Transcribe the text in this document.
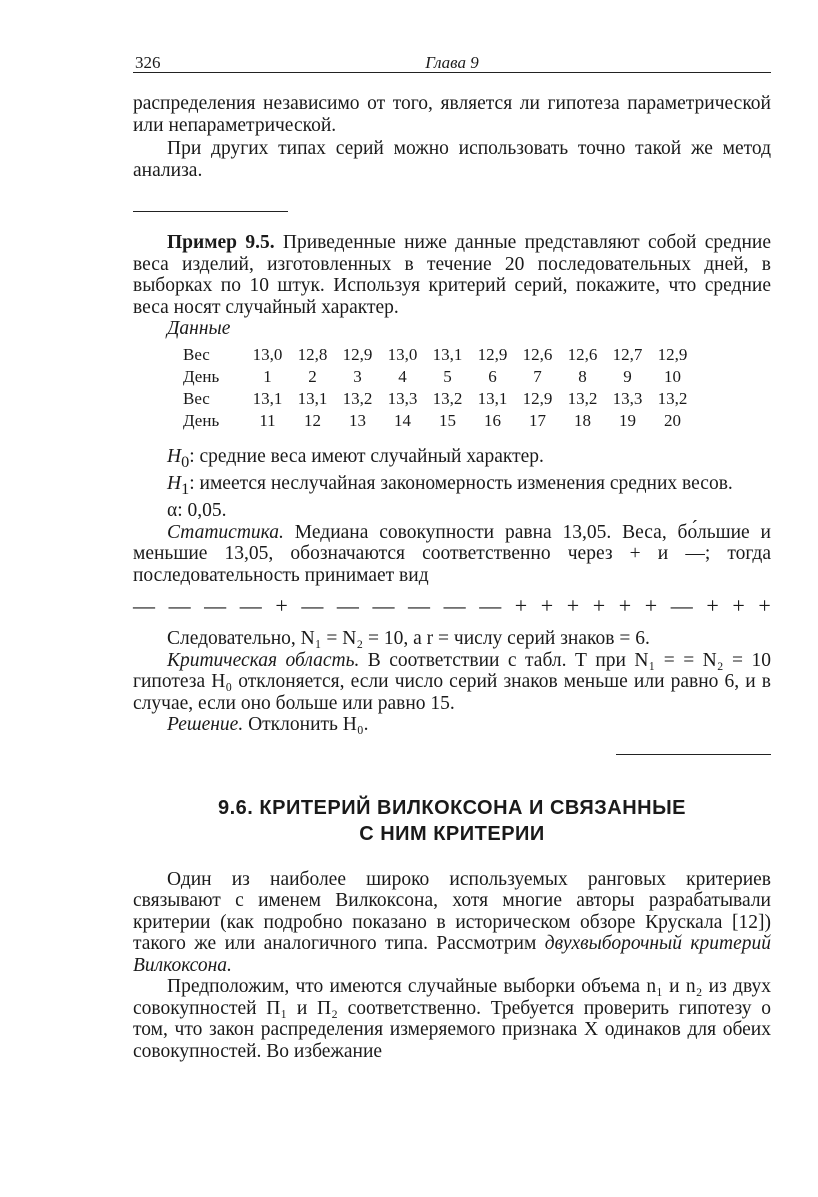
326	Глава 9

распределения независимо от того, является ли гипотеза параметрической или непараметрической.

При других типах серий можно использовать точно такой же метод анализа.

Пример 9.5. Приведенные ниже данные представляют собой средние веса изделий, изготовленных в течение 20 последовательных дней, в выборках по 10 штук. Используя критерий серий, покажите, что средние веса носят случайный характер.

Данные

Вес	13,0	12,8	12,9	13,0	13,1	12,9	12,6	12,6	12,7	12,9
День	1	2	3	4	5	6	7	8	9	10
Вес	13,1	13,1	13,2	13,3	13,2	13,1	12,9	13,2	13,3	13,2
День	11	12	13	14	15	16	17	18	19	20

$H_0$: средние веса имеют случайный характер.

$H_1$: имеется неслучайная закономерность изменения средних весов.

α: 0,05.

Статистика. Медиана совокупности равна 13,05. Веса, бо́льшие и меньшие 13,05, обозначаются соответственно через + и —; тогда последовательность принимает вид

— — — — + — — — — — — + + + + + + — + + +

Следовательно, N₁ = N₂ = 10, а r = числу серий знаков = 6.

Критическая область. В соответствии с табл. Т при N₁ = = N₂ = 10 гипотеза H₀ отклоняется, если число серий знаков меньше или равно 6, и в случае, если оно больше или равно 15.

Решение. Отклонить H₀.

9.6. КРИТЕРИЙ ВИЛКОКСОНА И СВЯЗАННЫЕ
С НИМ КРИТЕРИИ

Один из наиболее широко используемых ранговых критериев связывают с именем Вилкоксона, хотя многие авторы разрабатывали критерии (как подробно показано в историческом обзоре Крускала [12]) такого же или аналогичного типа. Рассмотрим двухвыборочный критерий Вилкоксона.

Предположим, что имеются случайные выборки объема n₁ и n₂ из двух совокупностей Π₁ и Π₂ соответственно. Требуется проверить гипотезу о том, что закон распределения измеряемого признака X одинаков для обеих совокупностей. Во избежание
